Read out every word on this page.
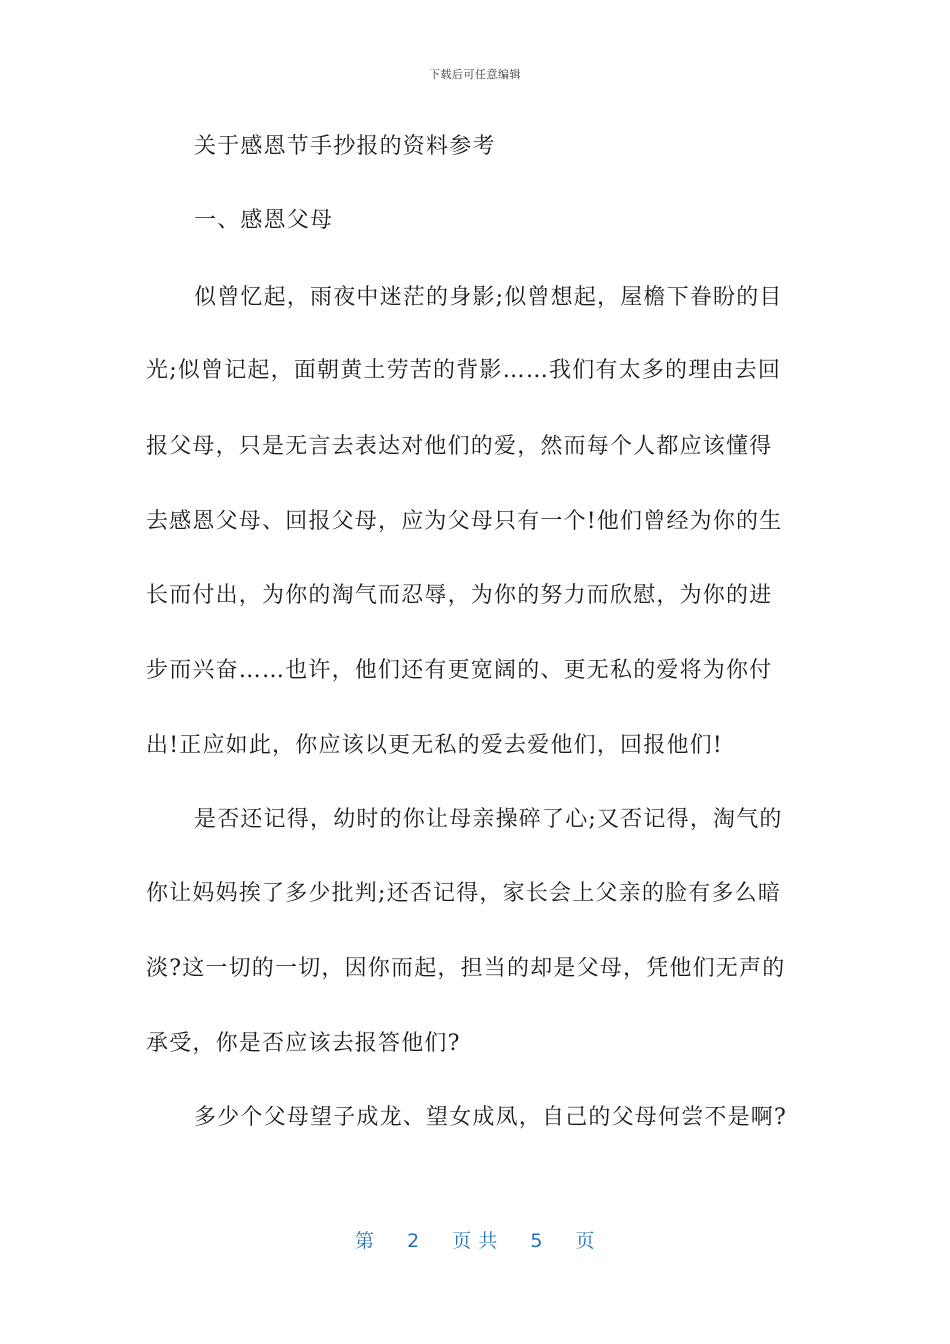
下载后可任意编辑
关于感恩节手抄报的资料参考
一、感恩父母
似曾忆起，雨夜中迷茫的身影;似曾想起，屋檐下眷盼的目
光;似曾记起，面朝黄土劳苦的背影……我们有太多的理由去回
报父母，只是无言去表达对他们的爱，然而每个人都应该懂得
去感恩父母、回报父母，应为父母只有一个!他们曾经为你的生
长而付出，为你的淘气而忍辱，为你的努力而欣慰，为你的进
步而兴奋……也许，他们还有更宽阔的、更无私的爱将为你付
出!正应如此，你应该以更无私的爱去爱他们，回报他们!
是否还记得，幼时的你让母亲操碎了心;又否记得，淘气的
你让妈妈挨了多少批判;还否记得，家长会上父亲的脸有多么暗
淡?这一切的一切，因你而起，担当的却是父母，凭他们无声的
承受，你是否应该去报答他们?
多少个父母望子成龙、望女成凤，自己的父母何尝不是啊?
第 2 页 共 5 页
